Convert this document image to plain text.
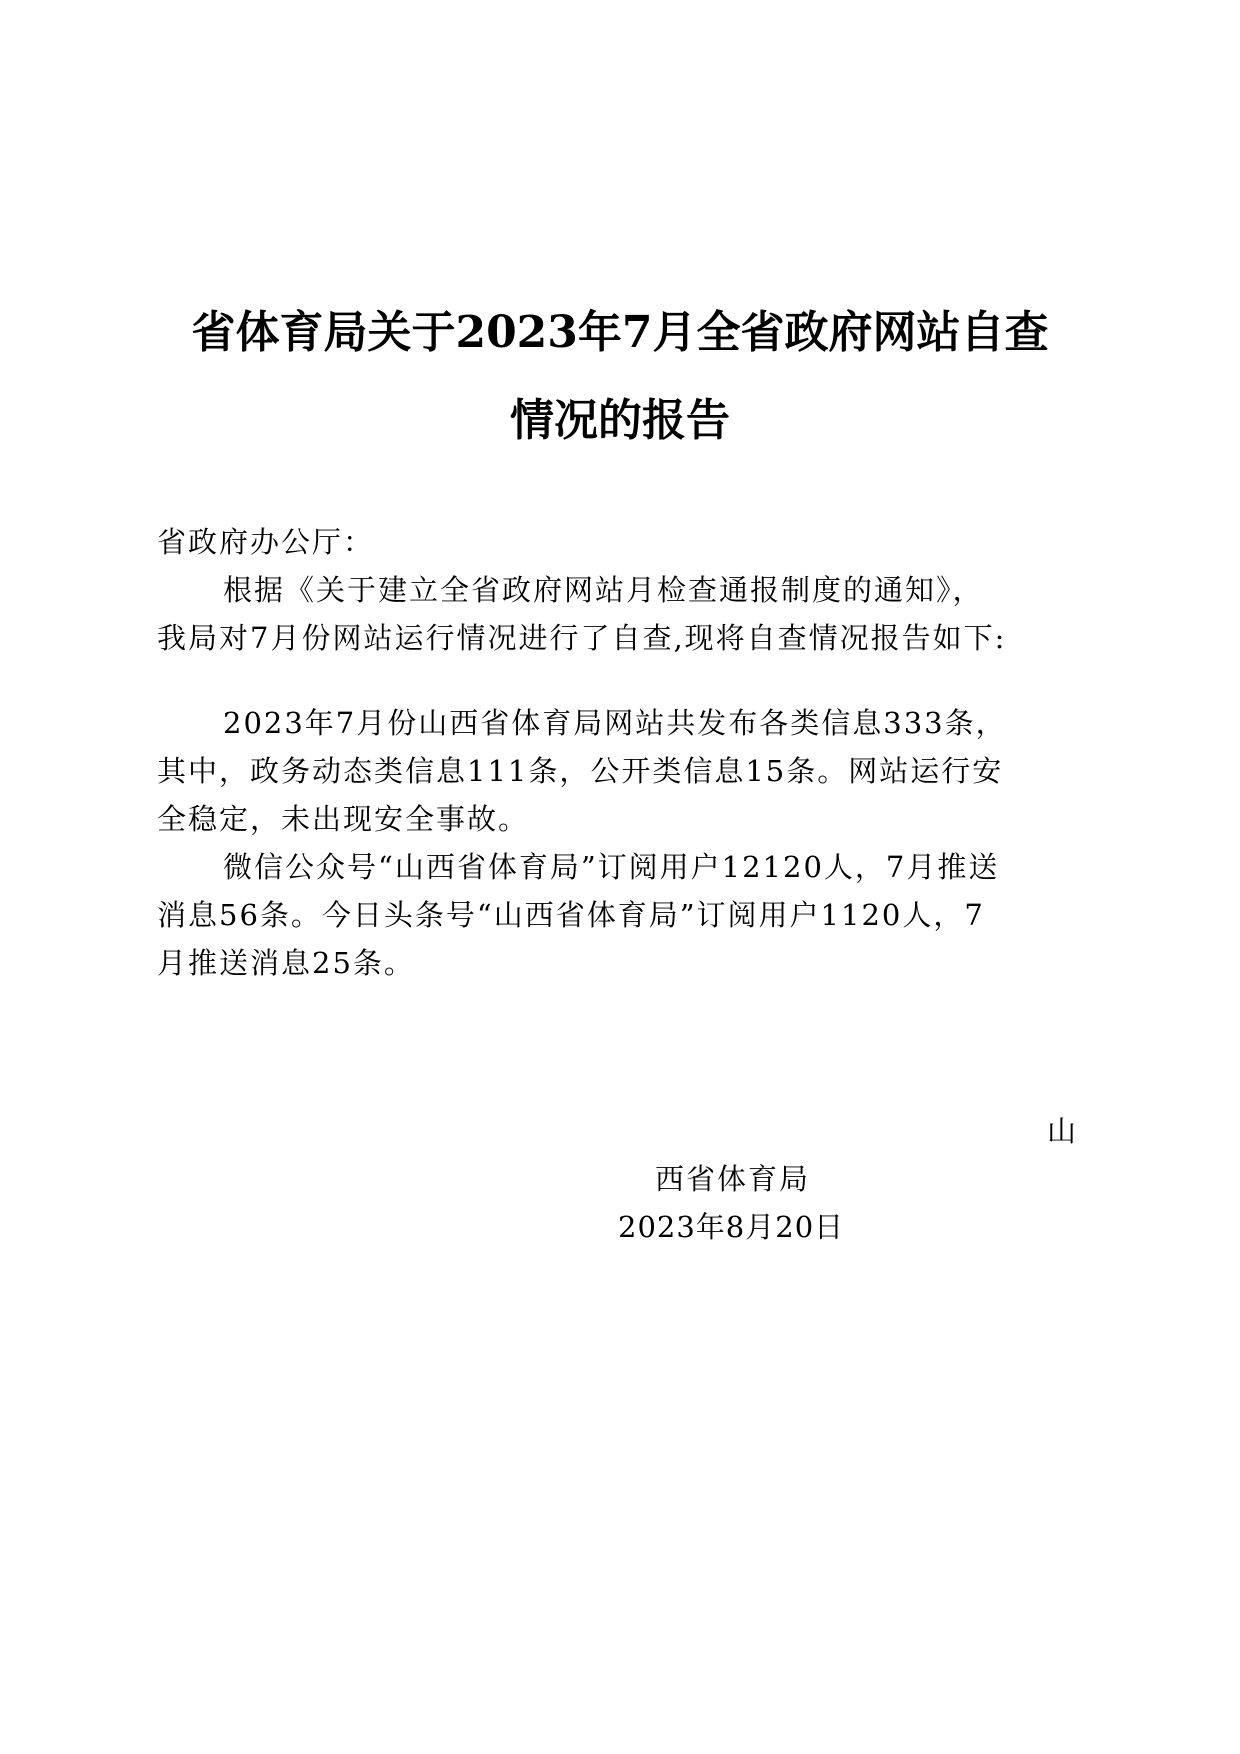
省体育局关于2023年7月全省政府网站自查
情况的报告

省政府办公厅：

根据《关于建立全省政府网站月检查通报制度的通知》，

我局对7月份网站运行情况进行了自查,现将自查情况报告如下:

2023年7月份山西省体育局网站共发布各类信息333条，

其中，政务动态类信息111条，公开类信息15条。网站运行安

全稳定，未出现安全事故。

微信公众号“山西省体育局”订阅用户12120人，7月推送

消息56条。今日头条号“山西省体育局”订阅用户1120人，7

月推送消息25条。

山

西省体育局

2023年8月20日
